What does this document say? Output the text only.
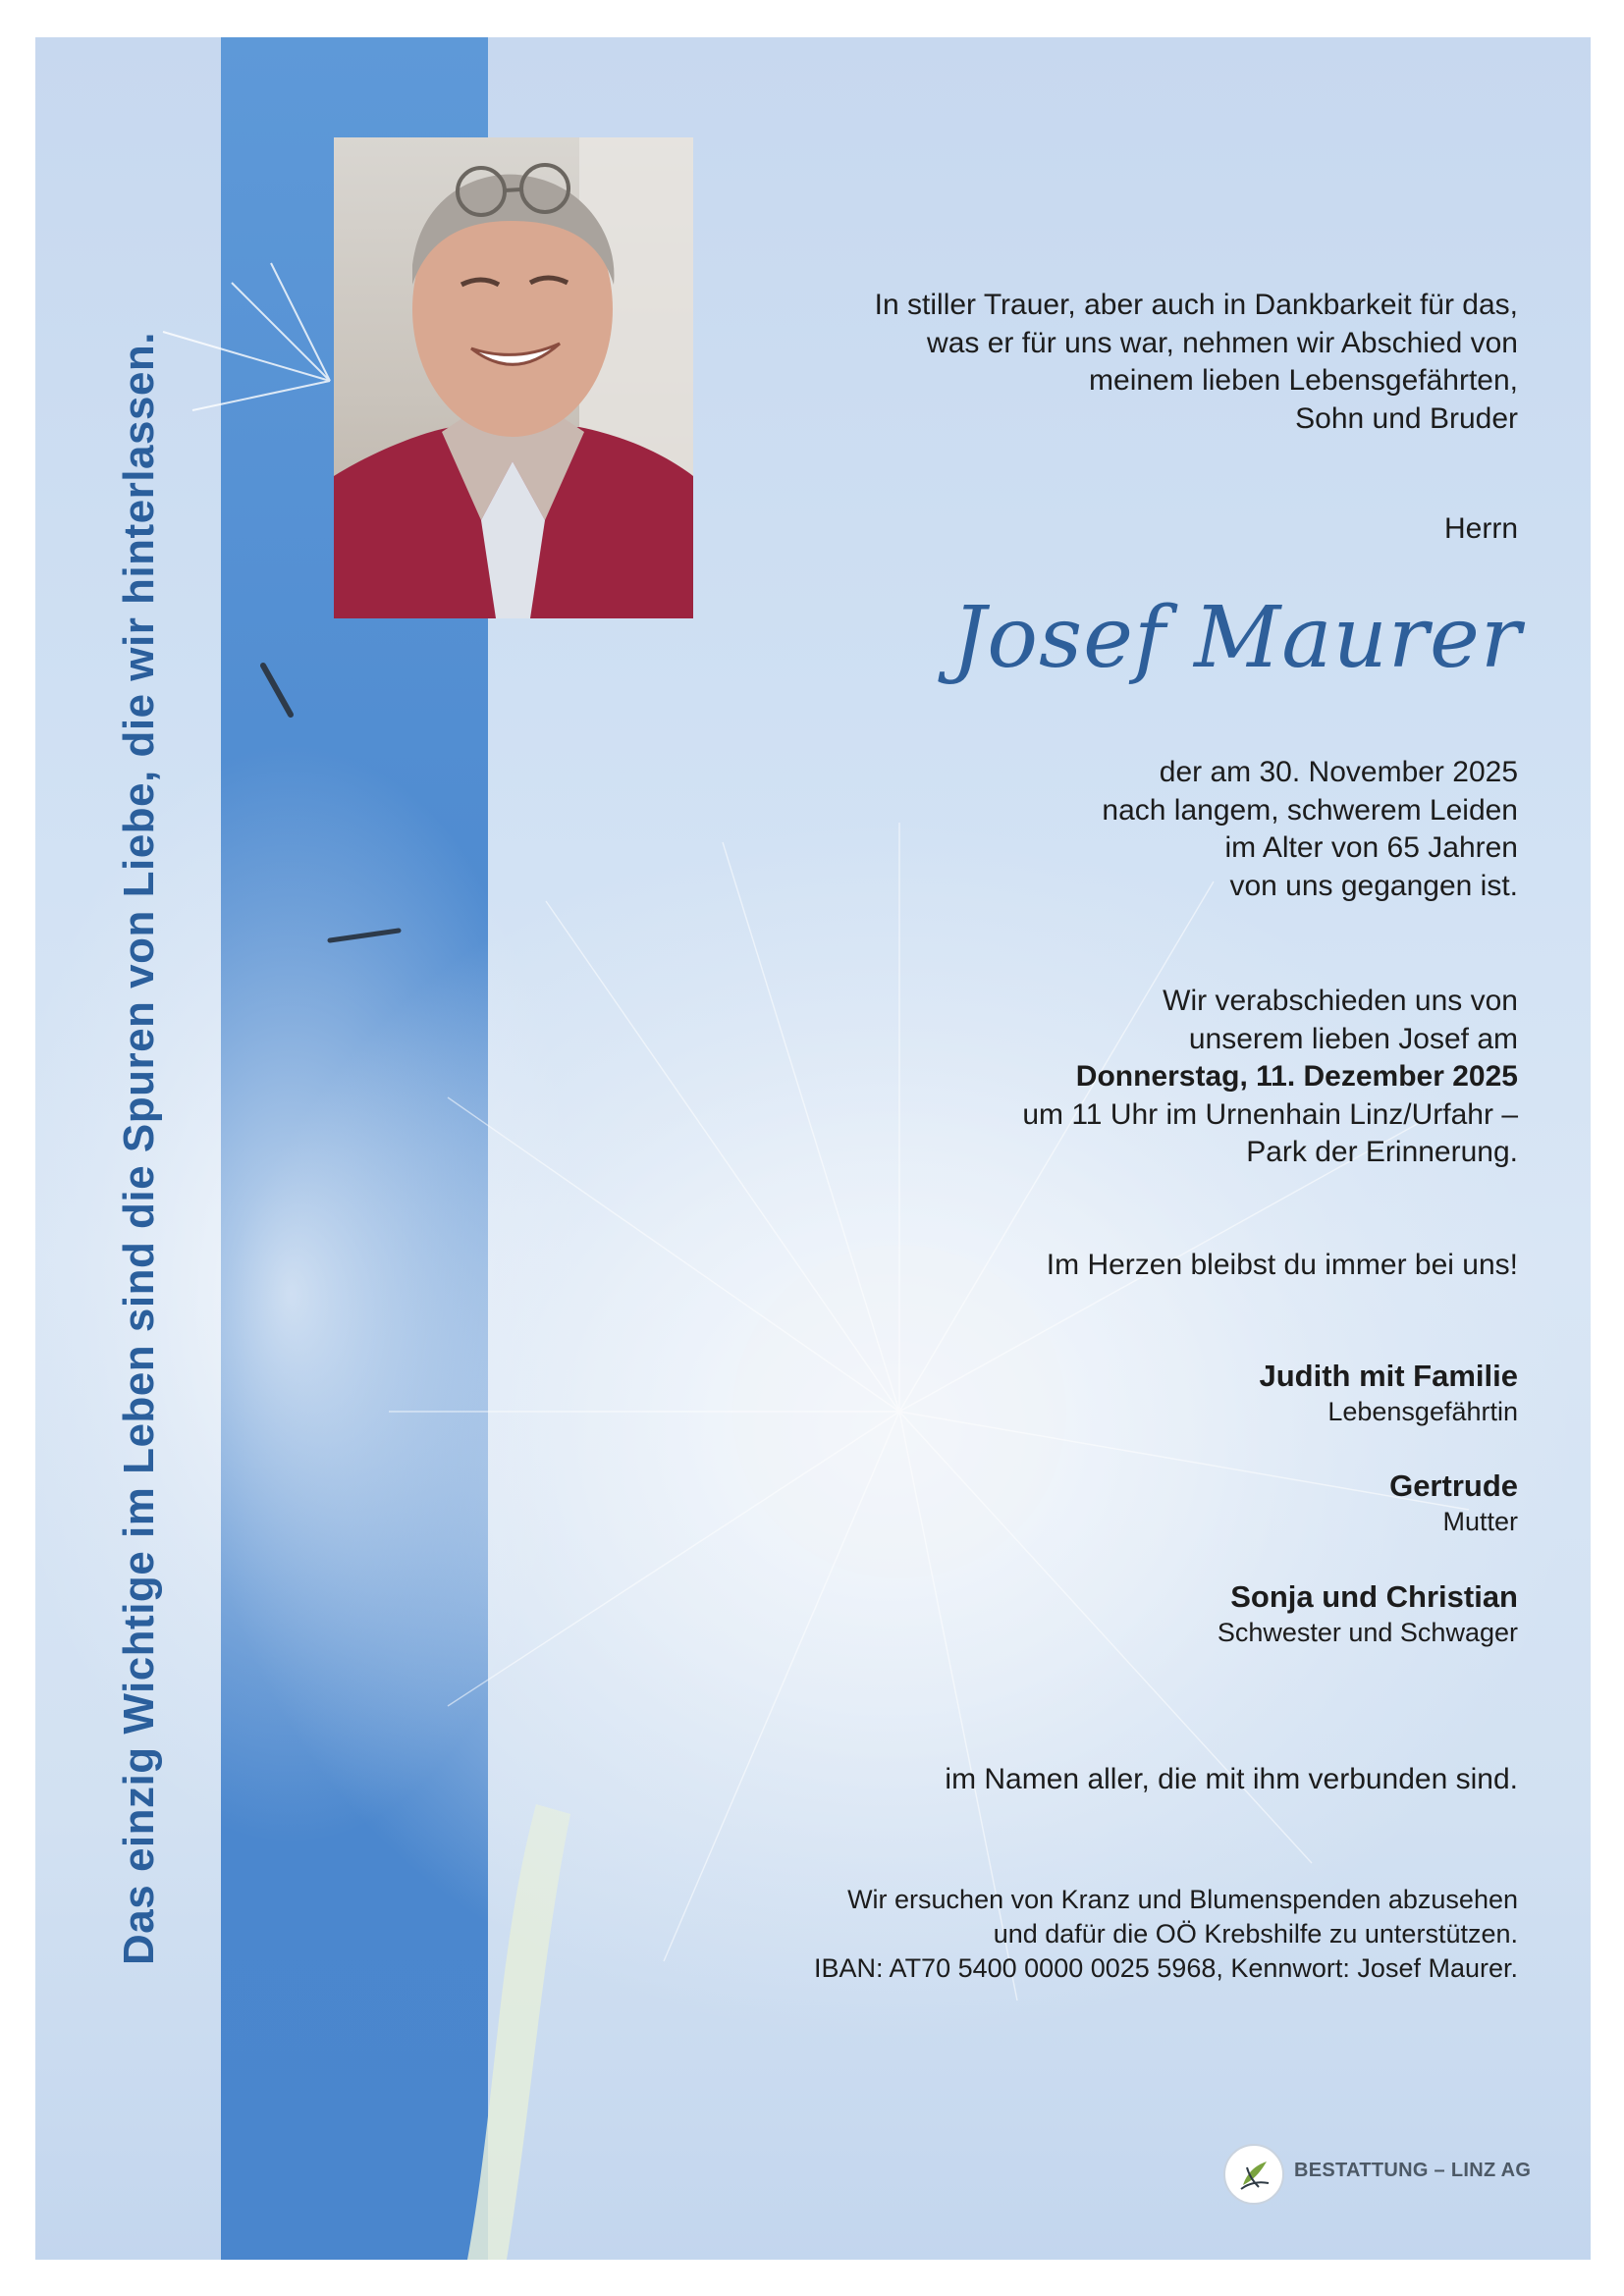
Das einzig Wichtige im Leben sind die Spuren von Liebe, die wir hinterlassen.

In stiller Trauer, aber auch in Dankbarkeit für das,

was er für uns war, nehmen wir Abschied von

meinem lieben Lebensgefährten,

Sohn und Bruder

Herrn

Josef Maurer

der am 30. November 2025

nach langem, schwerem Leiden

im Alter von 65 Jahren

von uns gegangen ist.

Wir verabschieden uns von

unserem lieben Josef am

Donnerstag, 11. Dezember 2025

um 11 Uhr im Urnenhain Linz/Urfahr –

Park der Erinnerung.

Im Herzen bleibst du immer bei uns!

Judith mit Familie

Lebensgefährtin

Gertrude

Mutter

Sonja und Christian

Schwester und Schwager

im Namen aller, die mit ihm verbunden sind.

Wir ersuchen von Kranz und Blumenspenden abzusehen

und dafür die OÖ Krebshilfe zu unterstützen.

IBAN: AT70 5400 0000 0025 5968, Kennwort: Josef Maurer.

BESTATTUNG – LINZ AG
